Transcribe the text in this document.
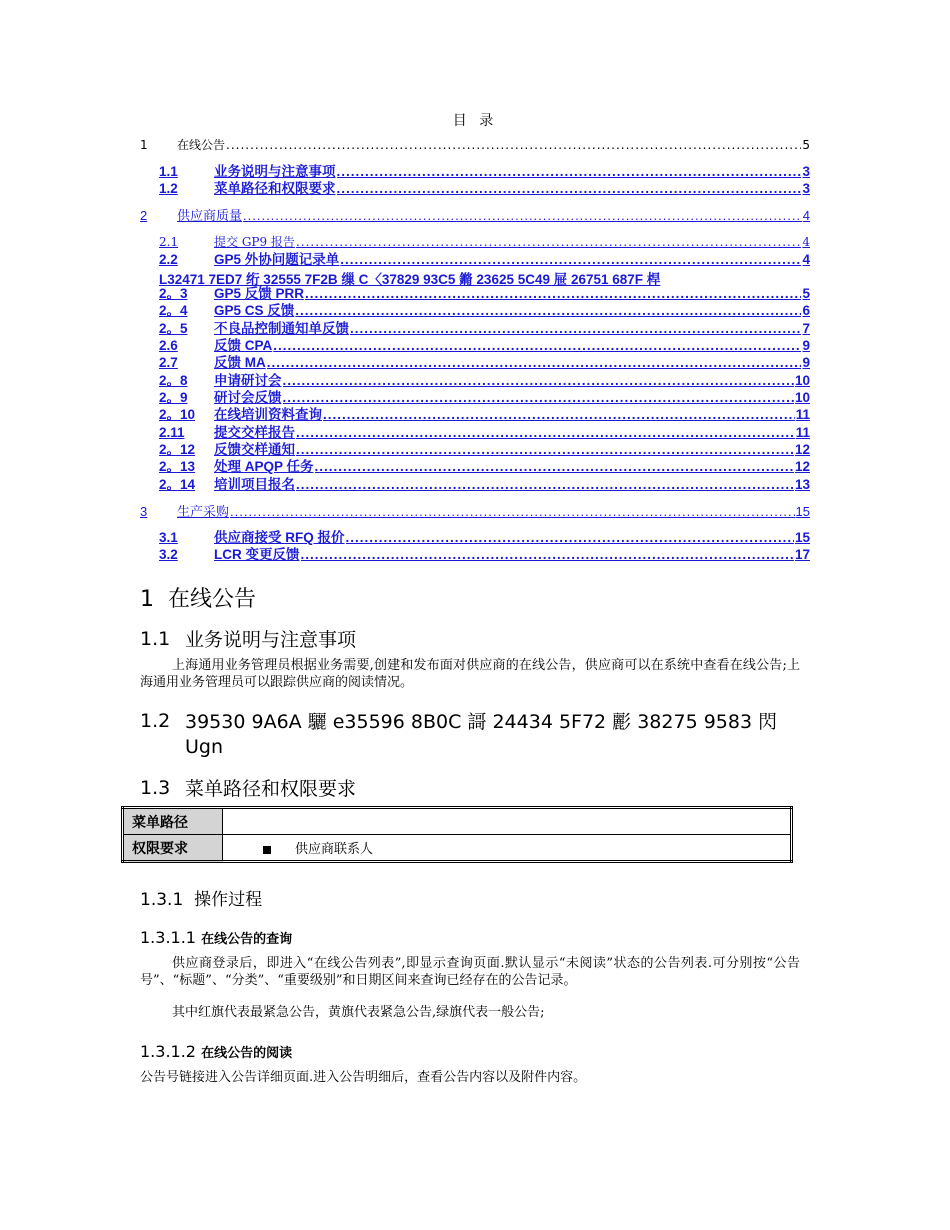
目 录
1	在线公告 .....	5
1.1	业务说明与注意事项 .....	3
1.2	菜单路径和权限要求 .....	3
2	供应商质量 .....	4
2.1	提交 GP9 报告 .....	4
2.2	GP5 外协问题记录单 .....	4
L32471 7ED7 绗 32555 7F2B 缫 C〈37829 93C5 鏅 23625 5C49 屉 26751 687F 桿
2。3	GP5 反馈 PRR .....	5
2。4	GP5 CS 反馈 .....	6
2。5	不良品控制通知单反馈 .....	7
2.6	反馈 CPA .....	9
2.7	反馈 MA .....	9
2。8	申请研讨会 .....	10
2。9	研讨会反馈 .....	10
2。10	在线培训资料查询 .....	11
2.11	提交交样报告 .....	11
2。12	反馈交样通知 .....	12
2。13	处理 APQP 任务 .....	12
2。14	培训项目报名 .....	13
3	生产采购 .....	15
3.1	供应商接受 RFQ 报价 .....	15
3.2	LCR 变更反馈 .....	17
1 在线公告
1.1 业务说明与注意事项
上海通用业务管理员根据业务需要,创建和发布面对供应商的在线公告，供应商可以在系统中查看在线公告;上海通用业务管理员可以跟踪供应商的阅读情况。
1.2 39530 9A6A 驪 e35596 8B0C 謌 24434 5F72 彲 38275 9583 閃 Ugn
1.3 菜单路径和权限要求
菜单路径	
权限要求	供应商联系人
1.3.1 操作过程
1.3.1.1 在线公告的查询
供应商登录后，即进入“在线公告列表”,即显示查询页面.默认显示“未阅读”状态的公告列表.可分别按“公告号”、“标题”、“分类”、“重要级别”和日期区间来查询已经存在的公告记录。
其中红旗代表最紧急公告，黄旗代表紧急公告,绿旗代表一般公告;
1.3.1.2 在线公告的阅读
公告号链接进入公告详细页面.进入公告明细后，查看公告内容以及附件内容。
